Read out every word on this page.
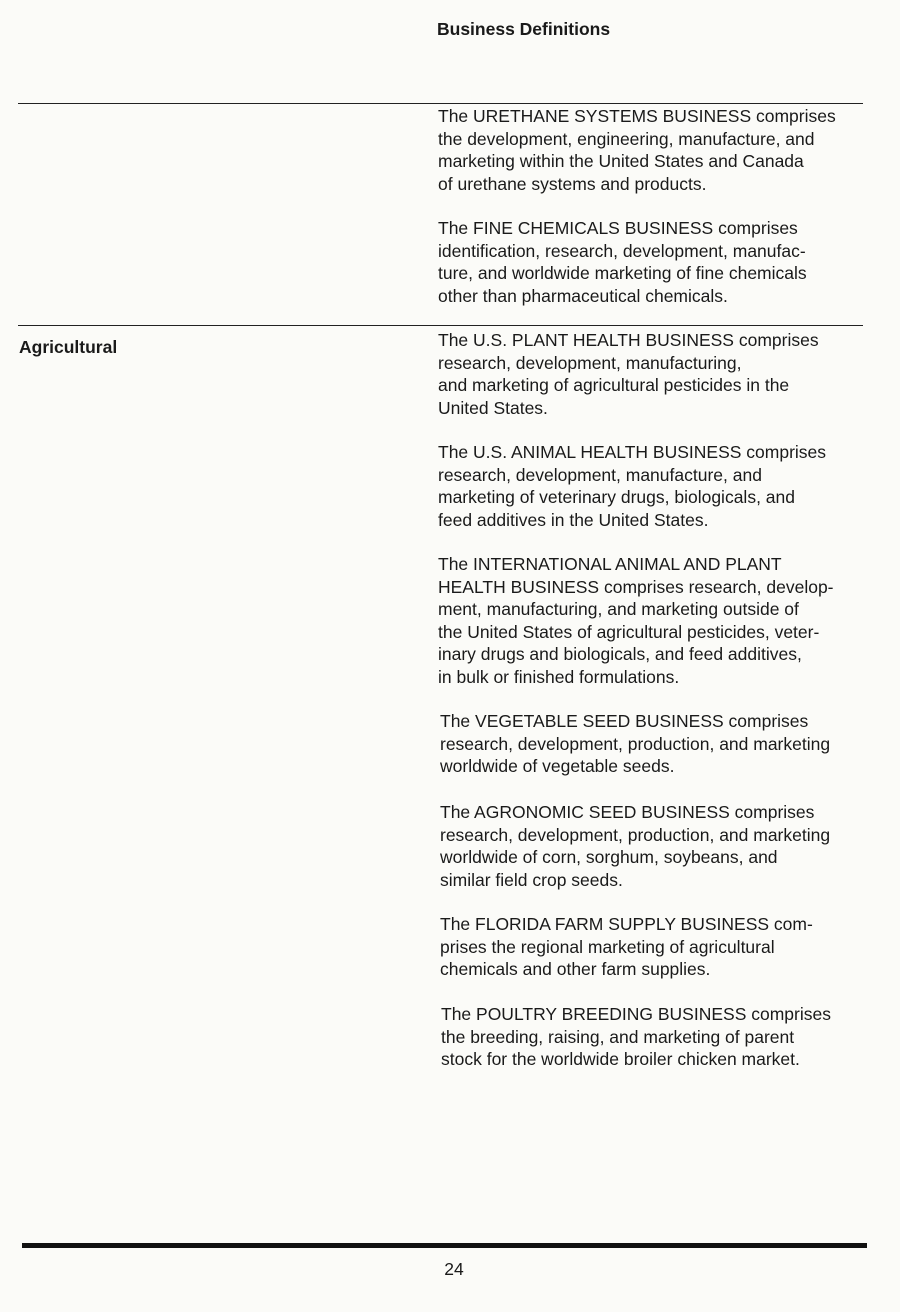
Business Definitions
The URETHANE SYSTEMS BUSINESS comprises
the development, engineering, manufacture, and
marketing within the United States and Canada
of urethane systems and products.
The FINE CHEMICALS BUSINESS comprises
identification, research, development, manufac-
ture, and worldwide marketing of fine chemicals
other than pharmaceutical chemicals.
Agricultural	The U.S. PLANT HEALTH BUSINESS comprises
research, development, manufacturing,
and marketing of agricultural pesticides in the
United States.
The U.S. ANIMAL HEALTH BUSINESS comprises
research, development, manufacture, and
marketing of veterinary drugs, biologicals, and
feed additives in the United States.
The INTERNATIONAL ANIMAL AND PLANT
HEALTH BUSINESS comprises research, develop-
ment, manufacturing, and marketing outside of
the United States of agricultural pesticides, veter-
inary drugs and biologicals, and feed additives,
in bulk or finished formulations.
The VEGETABLE SEED BUSINESS comprises
research, development, production, and marketing
worldwide of vegetable seeds.
The AGRONOMIC SEED BUSINESS comprises
research, development, production, and marketing
worldwide of corn, sorghum, soybeans, and
similar field crop seeds.
The FLORIDA FARM SUPPLY BUSINESS com-
prises the regional marketing of agricultural
chemicals and other farm supplies.
The POULTRY BREEDING BUSINESS comprises
the breeding, raising, and marketing of parent
stock for the worldwide broiler chicken market.
24
